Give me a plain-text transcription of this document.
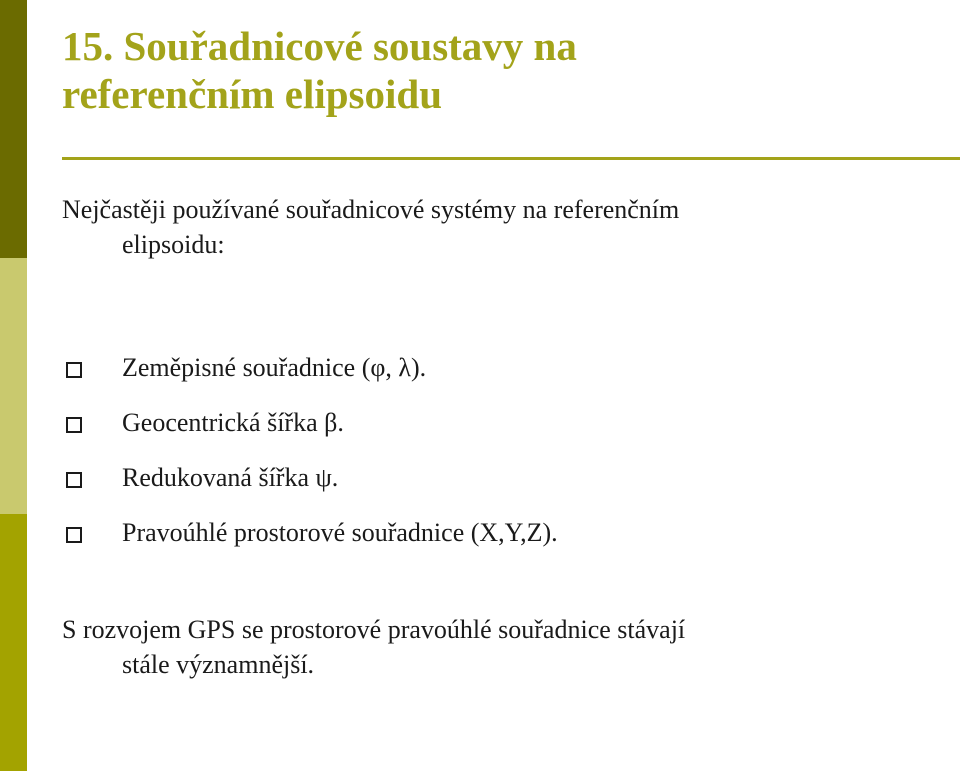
15. Souřadnicové soustavy na
referenčním elipsoidu

Nejčastěji používané souřadnicové systémy na referenčním
elipsoidu:

Zeměpisné souřadnice (φ, λ).
Geocentrická šířka β.
Redukovaná šířka ψ.
Pravoúhlé prostorové souřadnice (X,Y,Z).

S rozvojem GPS se prostorové pravoúhlé souřadnice stávají
stále významnější.
